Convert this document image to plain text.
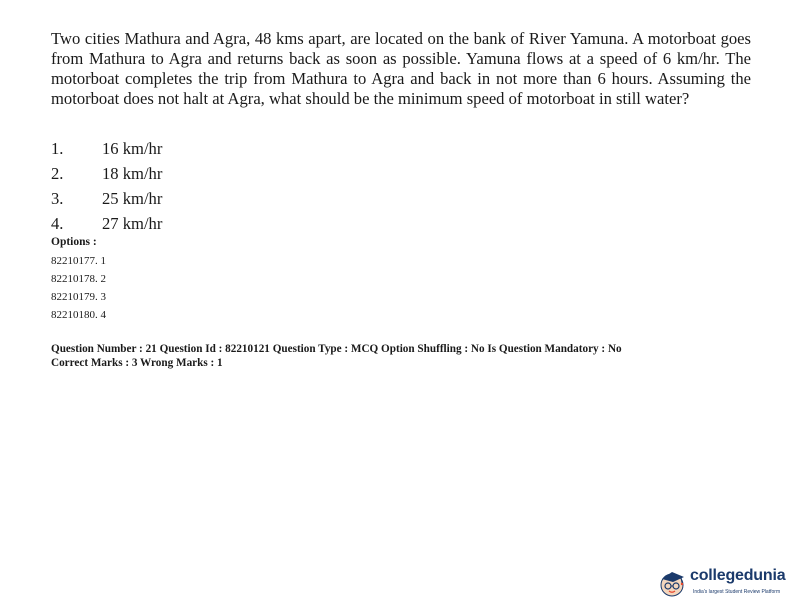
Two cities Mathura and Agra, 48 kms apart, are located on the bank of River Yamuna. A motorboat goes from Mathura to Agra and returns back as soon as possible. Yamuna flows at a speed of 6 km/hr. The motorboat completes the trip from Mathura to Agra and back in not more than 6 hours. Assuming the motorboat does not halt at Agra, what should be the minimum speed of motorboat in still water?

1. 16 km/hr
2. 18 km/hr
3. 25 km/hr
4. 27 km/hr

Options :

82210177. 1
82210178. 2
82210179. 3
82210180. 4
Question Number : 21 Question Id : 82210121 Question Type : MCQ Option Shuffling : No Is Question Mandatory : No
Correct Marks : 3 Wrong Marks : 1
collegedunia
India's largest Student Review Platform
